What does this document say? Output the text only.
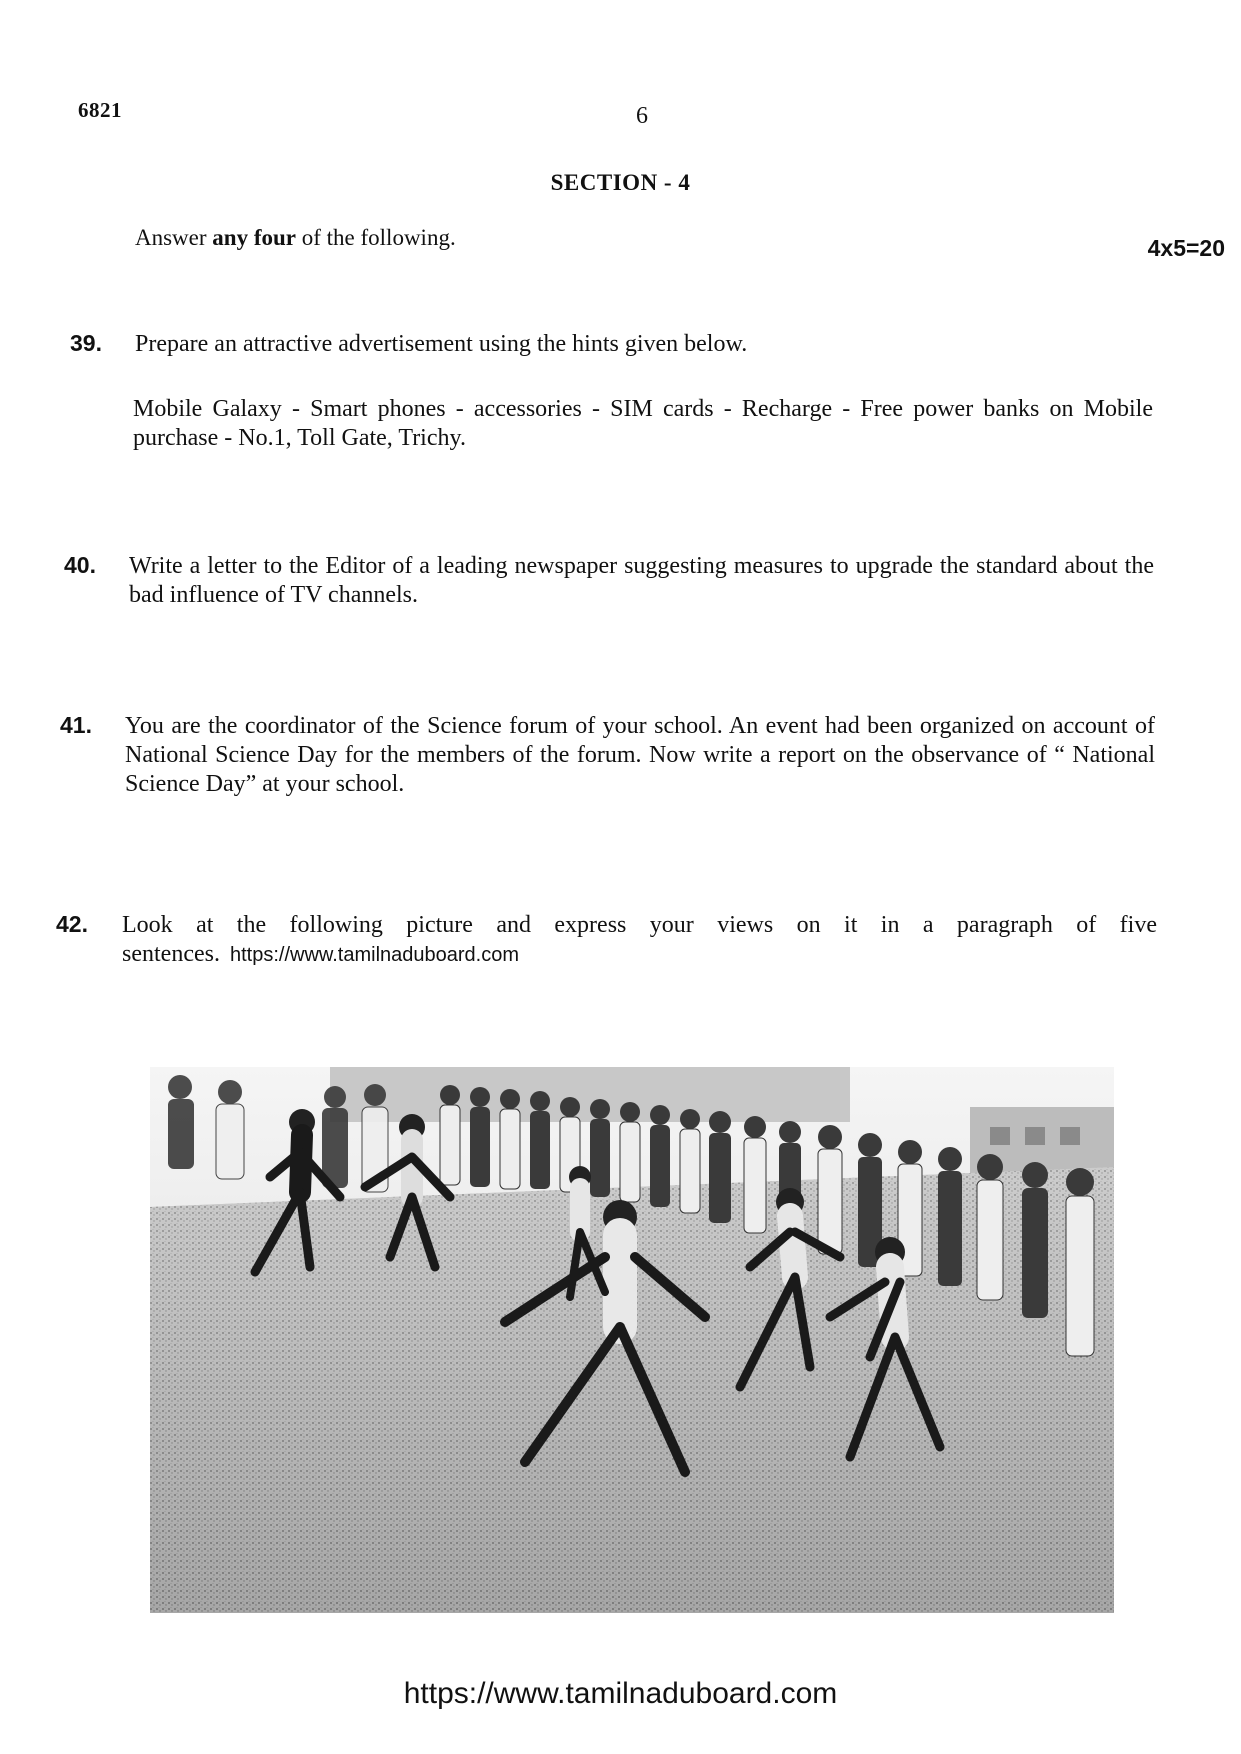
6821	6
SECTION - 4
Answer any four of the following.	4x5=20
39. Prepare an attractive advertisement using the hints given below.
Mobile Galaxy - Smart phones - accessories - SIM cards - Recharge - Free power banks on Mobile purchase - No.1, Toll Gate, Trichy.
40. Write a letter to the Editor of a leading newspaper suggesting measures to upgrade the standard about the bad influence of TV channels.
41. You are the coordinator of the Science forum of your school. An event had been organized on account of National Science Day for the members of the forum. Now write a report on the observance of “ National Science Day” at your school.
42. Look at the following picture and express your views on it in a paragraph of five sentences. https://www.tamilnaduboard.com
https://www.tamilnaduboard.com
